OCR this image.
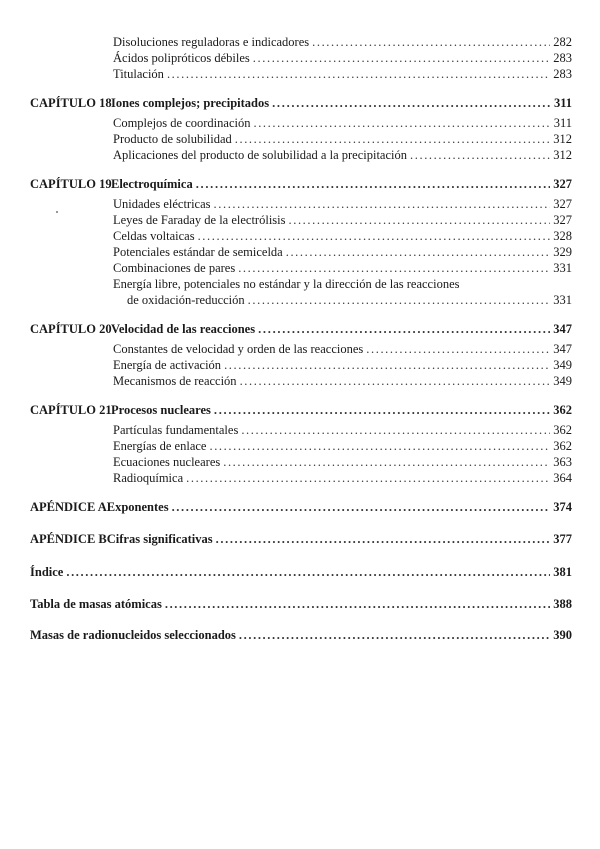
Disoluciones reguladoras e indicadores .....	282
Ácidos polipróticos débiles .....	283
Titulación .....	283
CAPÍTULO 18 Iones complejos; precipitados .....	311
Complejos de coordinación .....	311
Producto de solubilidad .....	312
Aplicaciones del producto de solubilidad a la precipitación .....	312
CAPÍTULO 19 Electroquímica .....	327
Unidades eléctricas .....	327
Leyes de Faraday de la electrólisis .....	327
Celdas voltaicas .....	328
Potenciales estándar de semicelda .....	329
Combinaciones de pares .....	331
Energía libre, potenciales no estándar y la dirección de las reacciones
de oxidación-reducción .....	331
CAPÍTULO 20 Velocidad de las reacciones .....	347
Constantes de velocidad y orden de las reacciones .....	347
Energía de activación .....	349
Mecanismos de reacción .....	349
CAPÍTULO 21 Procesos nucleares .....	362
Partículas fundamentales .....	362
Energías de enlace .....	362
Ecuaciones nucleares .....	363
Radioquímica .....	364
APÉNDICE A Exponentes .....	374
APÉNDICE B Cifras significativas .....	377
Índice .....	381
Tabla de masas atómicas .....	388
Masas de radionucleidos seleccionados .....	390
